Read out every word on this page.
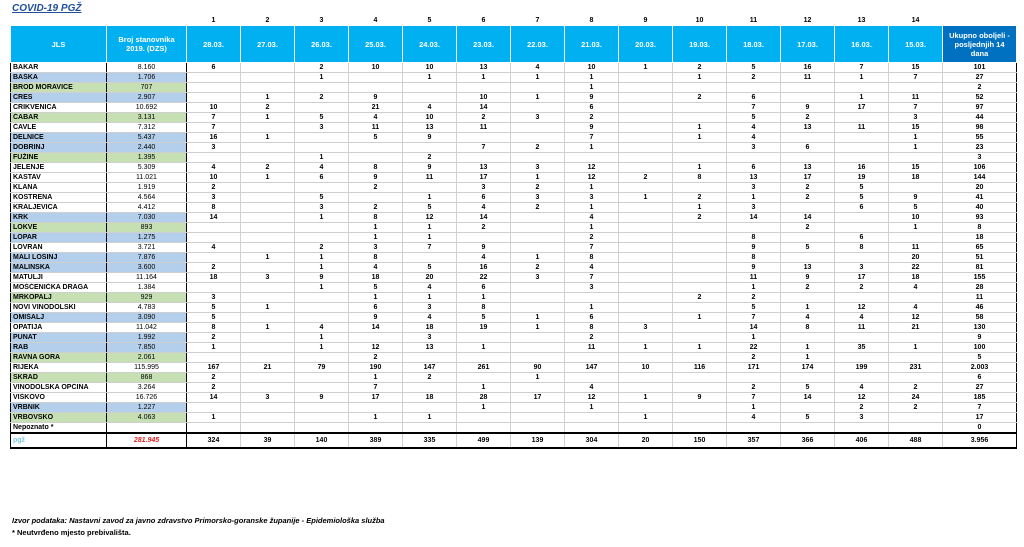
COVID-19 PGŽ
		1	2	3	4	5	6	7	8	9	10	11	12	13	14	
JLS	Broj stanovnika 2019. (DZS)	28.03.	27.03.	26.03.	25.03.	24.03.	23.03.	22.03.	21.03.	20.03.	19.03.	18.03.	17.03.	16.03.	15.03.	Ukupno oboljeli - posljednjih 14 dana
BAKAR	8.160	6		2	10	10	13	4	10	1	2	5	16	7	15	101
BAŠKA	1.706			1		1	1	1	1		1	2	11	1	7	27
BROD MORAVICE	707								1							2
CRES	2.907		1	2	9		10	1	9		2	6		1	11	52
CRIKVENICA	10.692	10	2		21	4	14		6			7	9	17	7	97
ČABAR	3.131	7	1	5	4	10	2	3	2			5	2		3	44
ČAVLE	7.312	7		3	11	13	11		9		1	4	13	11	15	98
DELNICE	5.437	16	1		5	9			7		1	4			1	55
DOBRINJ	2.440	3					7	2	1			3	6		1	23
FUŽINE	1.395			1		2										3
JELENJE	5.309	4	2	4	8	9	13	3	12		1	6	13	16	15	106
KASTAV	11.021	10	1	6	9	11	17	1	12	2	8	13	17	19	18	144
KLANA	1.919	2			2		3	2	1			3	2	5		20
KOSTRENA	4.564	3		5		1	6	3	3	1	2	1	2	5	9	41
KRALJEVICA	4.412	8		3	2	5	4	2	1		1	3		6	5	40
KRK	7.030	14		1	8	12	14		4		2	14	14		10	93
LOKVE	893				1	1	2		1				2		1	8
LOPAR	1.275				1	1			2			8		6		18
LOVRAN	3.721	4		2	3	7	9		7			9	5	8	11	65
MALI LOŠINJ	7.876		1	1	8		4	1	8			8			20	51
MALINSKA	3.600	2		1	4	5	16	2	4			9	13	3	22	81
MATULJI	11.164	18	3	9	18	20	22	3	7			11	9	17	18	155
MOŠĆENIČKA DRAGA	1.384			1	5	4	6		3			1	2	2	4	28
MRKOPALJ	929	3			1	1	1				2	2				11
NOVI VINODOLSKI	4.783	5	1		6	3	8		1			5	1	12	4	46
OMIŠALJ	3.090	5			9	4	5	1	6		1	7	4	4	12	58
OPATIJA	11.042	8	1	4	14	18	19	1	8	3		14	8	11	21	130
PUNAT	1.992	2		1		3			2			1				9
RAB	7.850	1		1	12	13	1		11	1	1	22	1	35	1	100
RAVNA GORA	2.061				2							2	1			5
RIJEKA	115.995	167	21	79	190	147	261	90	147	10	116	171	174	199	231	2.003
SKRAD	868	2			1	2		1								6
VINODOLSKA OPĆINA	3.264	2			7		1		4			2	5	4	2	27
VIŠKOVO	16.726	14	3	9	17	18	28	17	12	1	9	7	14	12	24	185
VRBNIK	1.227						1		1			1		2	2	7
VRBOVSKO	4.063	1			1	1				1		4	5	3		17
Nepoznato *																0
pgž	281.945	324	39	140	389	335	499	139	304	20	150	357	366	406	488	3.956
Izvor podataka: Nastavni zavod za javno zdravstvo Primorsko-goranske županije - Epidemiološka služba
* Neutvrđeno mjesto prebivališta.
